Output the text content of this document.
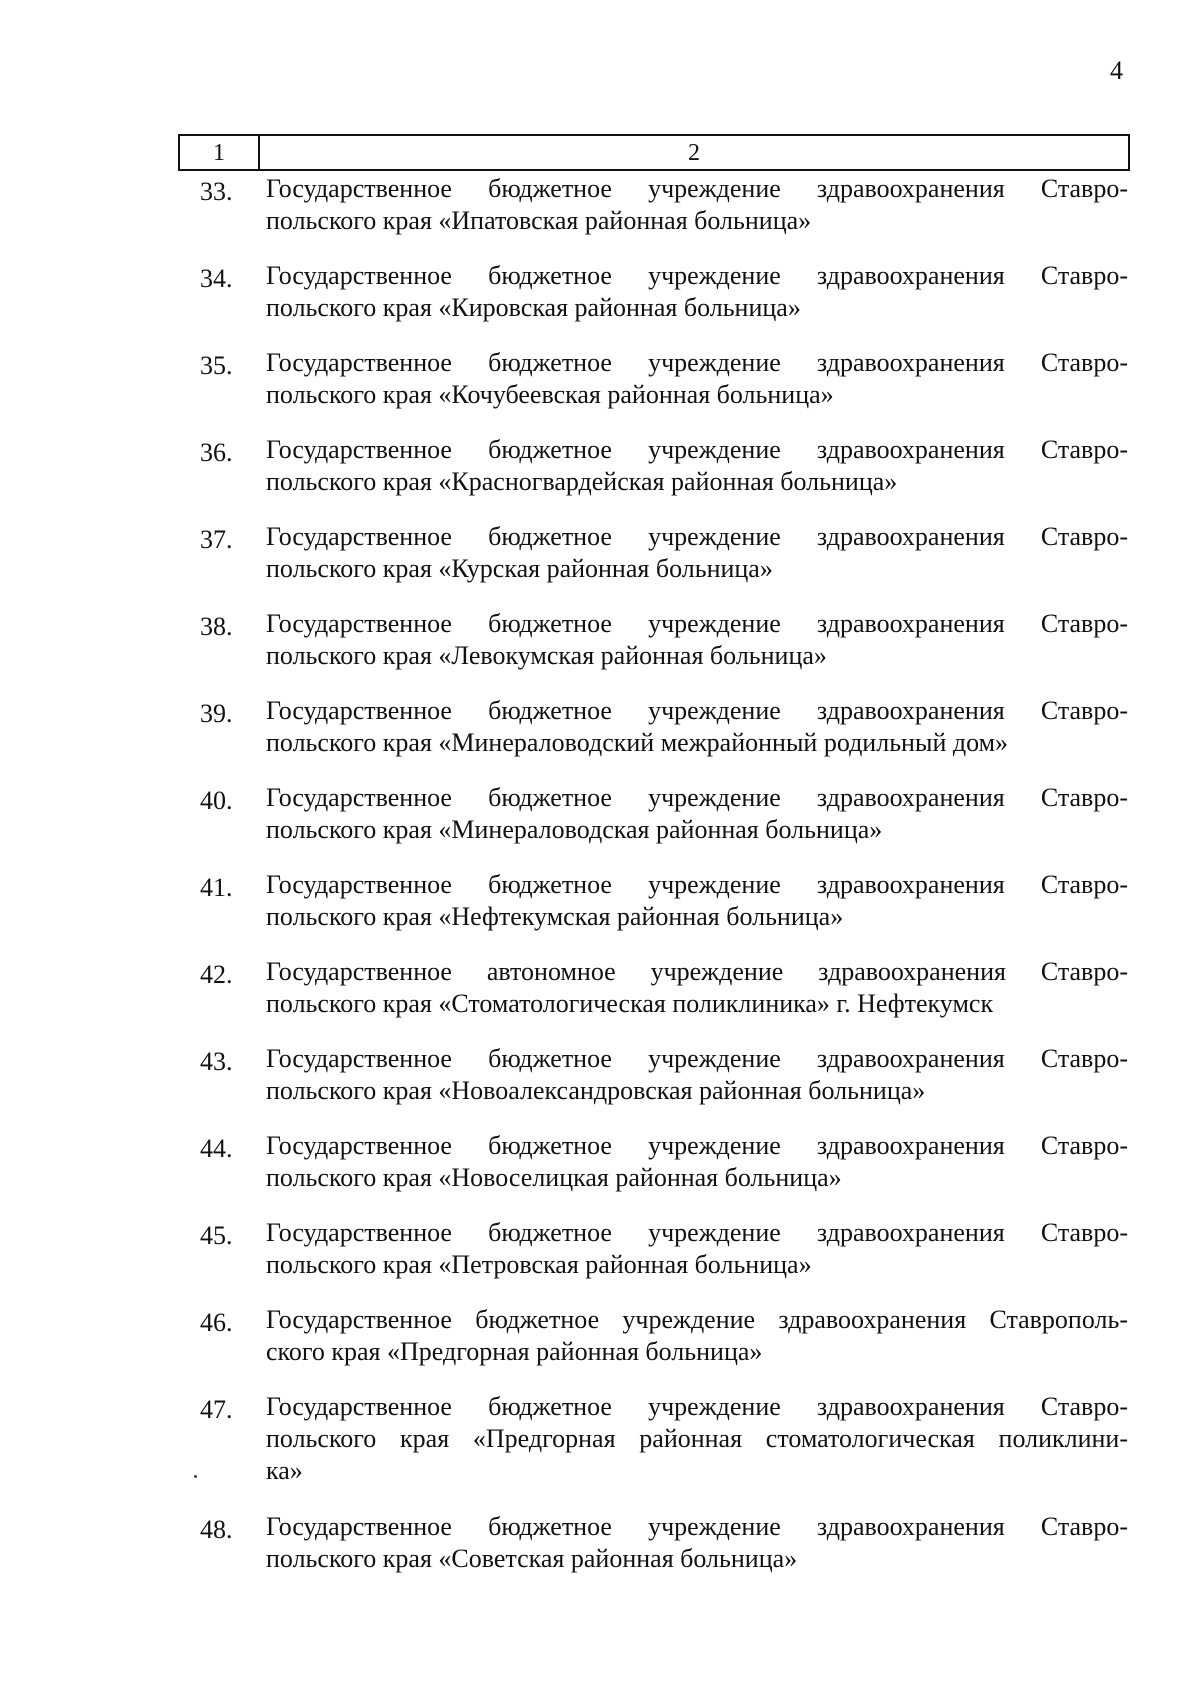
4
1	2
33.	Государственное бюджетное учреждение здравоохранения Ставро-
польского края «Ипатовская районная больница»
34.	Государственное бюджетное учреждение здравоохранения Ставро-
польского края «Кировская районная больница»
35.	Государственное бюджетное учреждение здравоохранения Ставро-
польского края «Кочубеевская районная больница»
36.	Государственное бюджетное учреждение здравоохранения Ставро-
польского края «Красногвардейская районная больница»
37.	Государственное бюджетное учреждение здравоохранения Ставро-
польского края «Курская районная больница»
38.	Государственное бюджетное учреждение здравоохранения Ставро-
польского края «Левокумская районная больница»
39.	Государственное бюджетное учреждение здравоохранения Ставро-
польского края «Минераловодский межрайонный родильный дом»
40.	Государственное бюджетное учреждение здравоохранения Ставро-
польского края «Минераловодская районная больница»
41.	Государственное бюджетное учреждение здравоохранения Ставро-
польского края «Нефтекумская районная больница»
42.	Государственное автономное учреждение здравоохранения Ставро-
польского края «Стоматологическая поликлиника» г. Нефтекумск
43.	Государственное бюджетное учреждение здравоохранения Ставро-
польского края «Новоалександровская районная больница»
44.	Государственное бюджетное учреждение здравоохранения Ставро-
польского края «Новоселицкая районная больница»
45.	Государственное бюджетное учреждение здравоохранения Ставро-
польского края «Петровская районная больница»
46.	Государственное бюджетное учреждение здравоохранения Ставрополь-
ского края «Предгорная районная больница»
47.	Государственное бюджетное учреждение здравоохранения Ставро-
польского края «Предгорная районная стоматологическая поликлини-
ка»
48.	Государственное бюджетное учреждение здравоохранения Ставро-
польского края «Советская районная больница»
